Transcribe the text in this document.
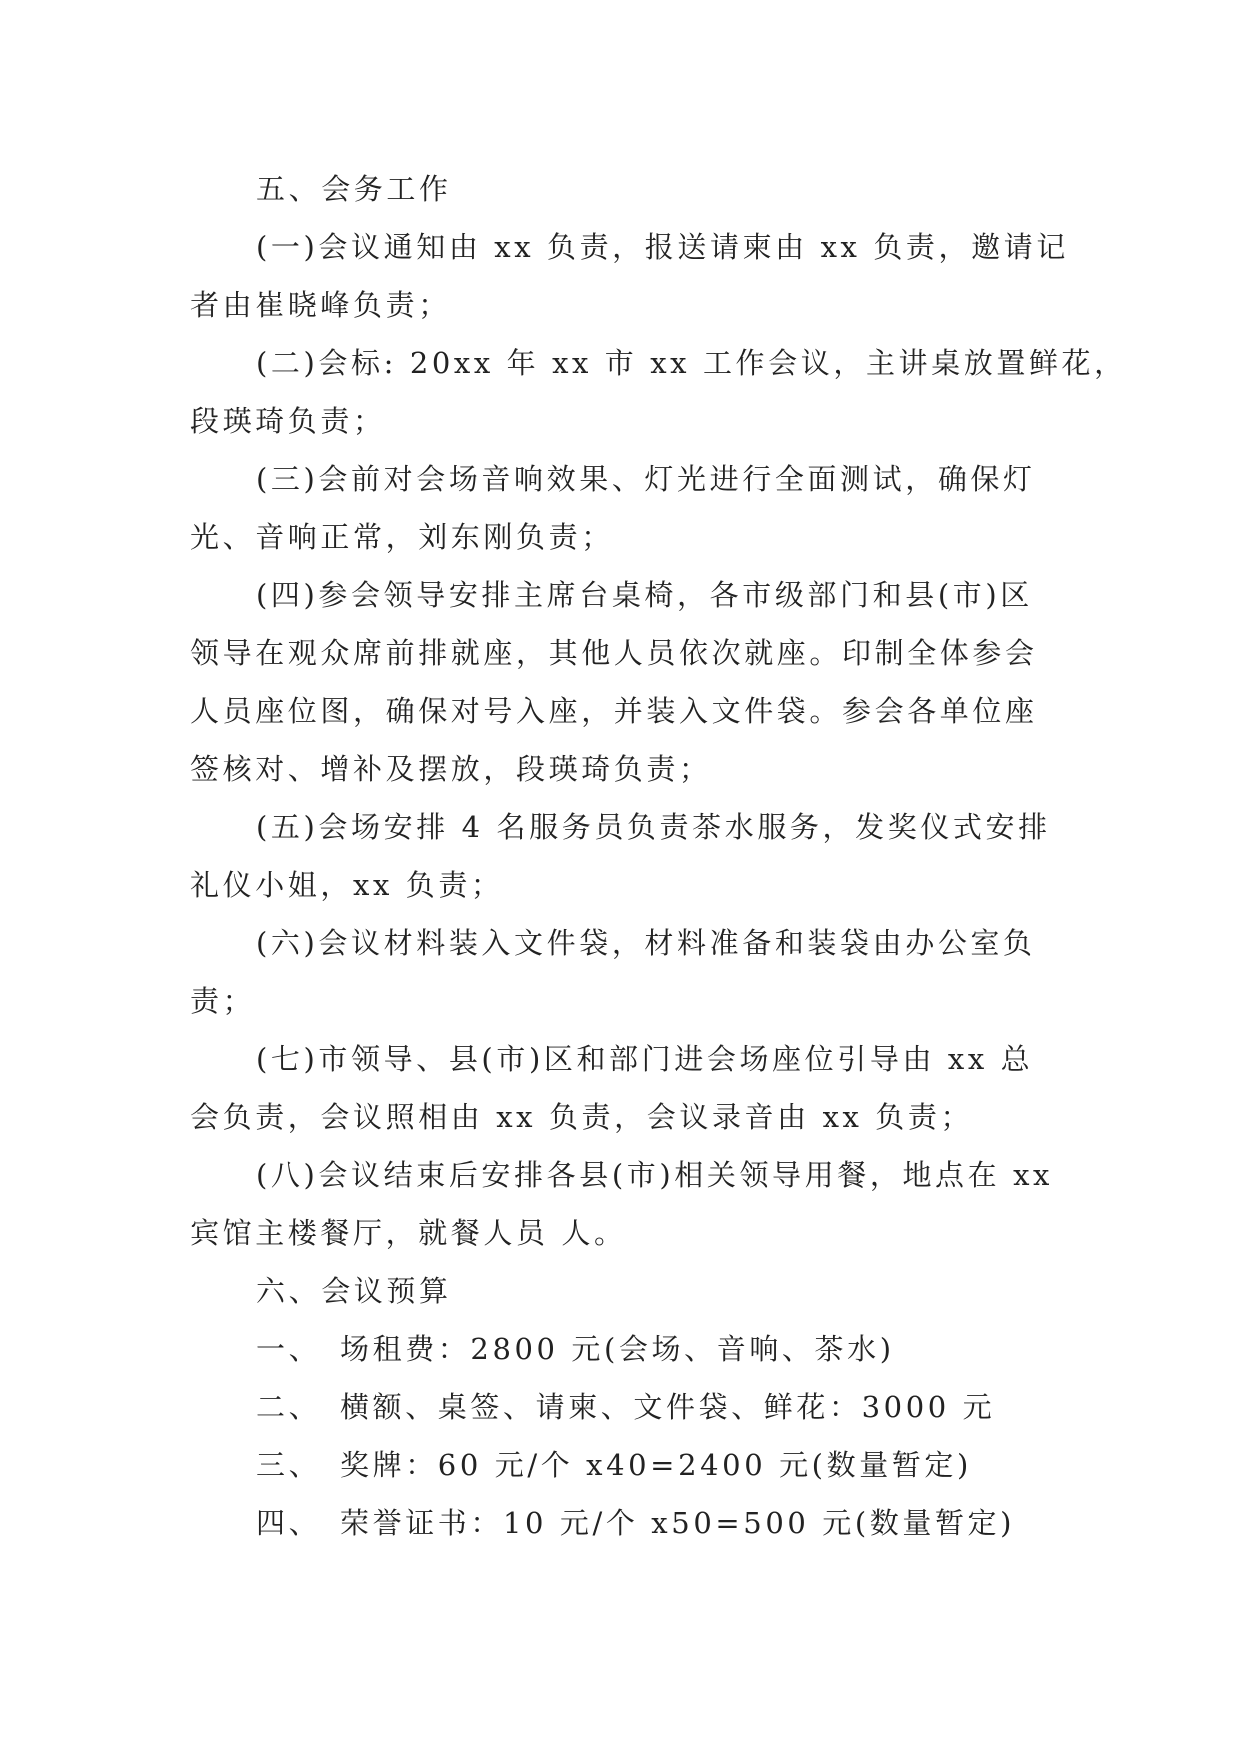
五、会务工作
(一)会议通知由 xx 负责，报送请柬由 xx 负责，邀请记
者由崔晓峰负责；
(二)会标: 20xx 年 xx 市 xx 工作会议，主讲桌放置鲜花，
段瑛琦负责；
(三)会前对会场音响效果、灯光进行全面测试，确保灯
光、音响正常，刘东刚负责；
(四)参会领导安排主席台桌椅，各市级部门和县(市)区
领导在观众席前排就座，其他人员依次就座。印制全体参会
人员座位图，确保对号入座，并装入文件袋。参会各单位座
签核对、增补及摆放，段瑛琦负责；
(五)会场安排 4 名服务员负责茶水服务，发奖仪式安排
礼仪小姐，xx 负责；
(六)会议材料装入文件袋，材料准备和装袋由办公室负
责；
(七)市领导、县(市)区和部门进会场座位引导由 xx 总
会负责，会议照相由 xx 负责，会议录音由 xx 负责；
(八)会议结束后安排各县(市)相关领导用餐，地点在 xx
宾馆主楼餐厅，就餐人员 人。
六、会议预算
一、 场租费：2800 元(会场、音响、茶水)
二、 横额、桌签、请柬、文件袋、鲜花：3000 元
三、 奖牌：60 元/个 x40=2400 元(数量暂定)
四、 荣誉证书：10 元/个 x50=500 元(数量暂定)
